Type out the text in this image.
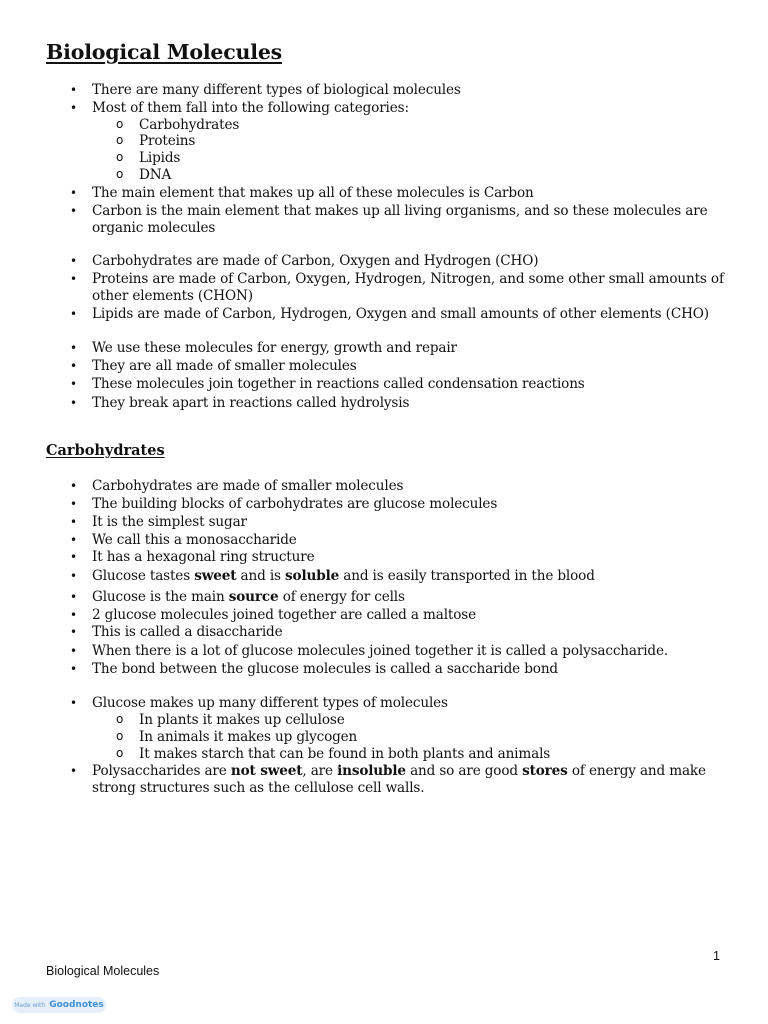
Biological Molecules
• There are many different types of biological molecules
• Most of them fall into the following categories:
o Carbohydrates
o Proteins
o Lipids
o DNA
• The main element that makes up all of these molecules is Carbon
• Carbon is the main element that makes up all living organisms, and so these molecules are organic molecules
• Carbohydrates are made of Carbon, Oxygen and Hydrogen (CHO)
• Proteins are made of Carbon, Oxygen, Hydrogen, Nitrogen, and some other small amounts of other elements (CHON)
• Lipids are made of Carbon, Hydrogen, Oxygen and small amounts of other elements (CHO)
• We use these molecules for energy, growth and repair
• They are all made of smaller molecules
• These molecules join together in reactions called condensation reactions
• They break apart in reactions called hydrolysis
Carbohydrates
• Carbohydrates are made of smaller molecules
• The building blocks of carbohydrates are glucose molecules
• It is the simplest sugar
• We call this a monosaccharide
• It has a hexagonal ring structure
• Glucose tastes sweet and is soluble and is easily transported in the blood
• Glucose is the main source of energy for cells
• 2 glucose molecules joined together are called a maltose
• This is called a disaccharide
• When there is a lot of glucose molecules joined together it is called a polysaccharide.
• The bond between the glucose molecules is called a saccharide bond
• Glucose makes up many different types of molecules
o In plants it makes up cellulose
o In animals it makes up glycogen
o It makes starch that can be found in both plants and animals
• Polysaccharides are not sweet, are insoluble and so are good stores of energy and make strong structures such as the cellulose cell walls.
1
Biological Molecules
Made with Goodnotes
